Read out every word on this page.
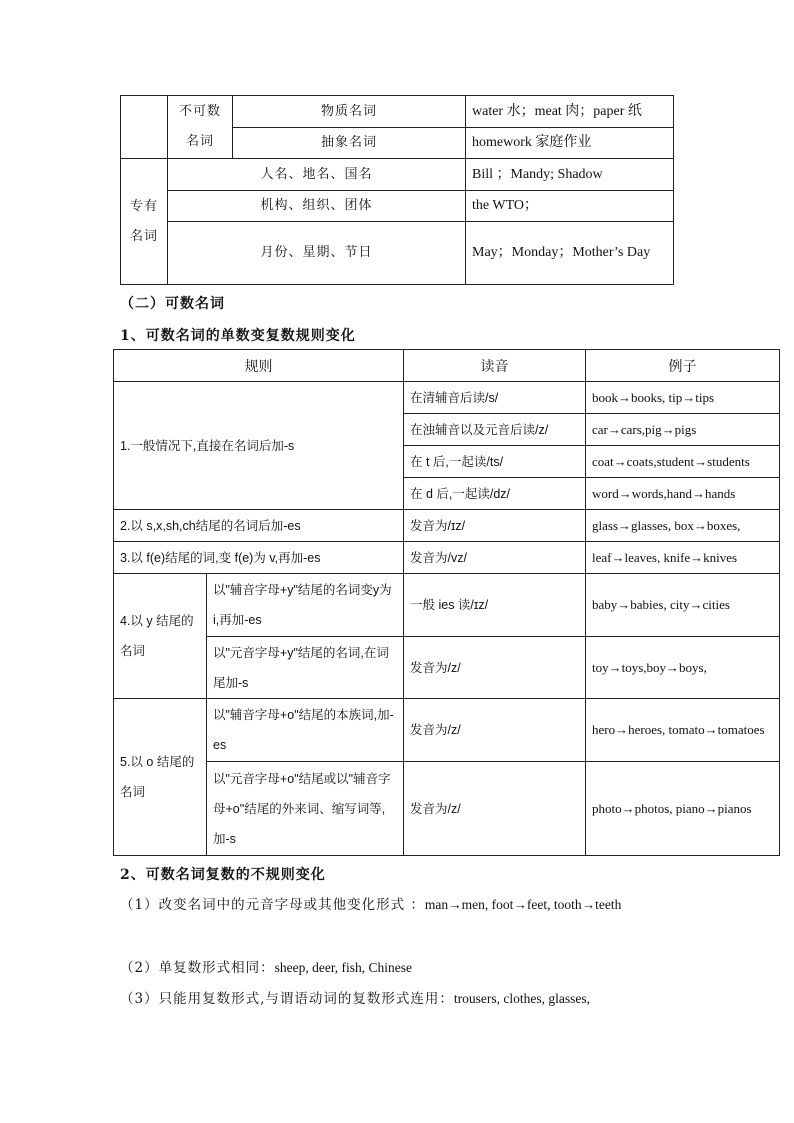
	不可数名词	物质名词	water 水；meat 肉；paper 纸
		抽象名词	homework 家庭作业
专有名词	人名、地名、国名		Bill ；Mandy; Shadow
	机构、组织、团体		the WTO；
	月份、星期、节日		May；Monday；Mother’s Day
（二）可数名词
1、可数名词的单数变复数规则变化
规则		读音	例子
1.一般情况下,直接在名词后加-s		在清辅音后读/s/	book→books, tip→tips
		在浊辅音以及元音后读/z/	car→cars,pig→pigs
		在 t 后,一起读/ts/	coat→coats,student→students
		在 d 后,一起读/dz/	word→words,hand→hands
2.以 s,x,sh,ch结尾的名词后加-es		发音为/ɪz/	glass→glasses, box→boxes,
3.以 f(e)结尾的词,变 f(e)为 v,再加-es		发音为/vz/	leaf→leaves, knife→knives
4.以 y 结尾的名词	以"辅音字母+y"结尾的名词变y为 i,再加-es	一般 ies 读/ɪz/	baby→babies, city→cities
	以"元音字母+y"结尾的名词,在词尾加-s	发音为/z/	toy→toys,boy→boys,
5.以 o 结尾的名词	以"辅音字母+o"结尾的本族词,加-es	发音为/z/	hero→heroes, tomato→tomatoes
	以"元音字母+o"结尾或以"辅音字母+o"结尾的外来词、缩写词等,加-s	发音为/z/	photo→photos, piano→pianos
2、可数名词复数的不规则变化
（1）改变名词中的元音字母或其他变化形式 ：man→men, foot→feet, tooth→teeth
（2）单复数形式相同：sheep, deer, fish, Chinese
（3）只能用复数形式,与谓语动词的复数形式连用：trousers, clothes, glasses,
